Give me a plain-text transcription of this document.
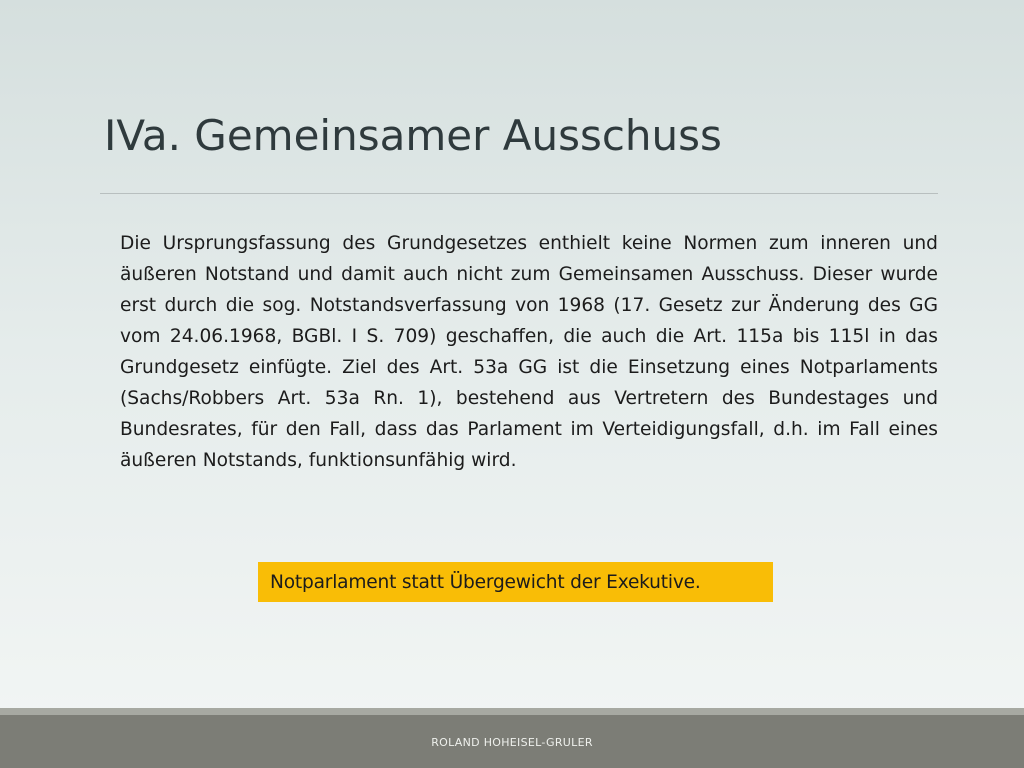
IVa. Gemeinsamer Ausschuss

Die Ursprungsfassung des Grundgesetzes enthielt keine Normen zum inneren und äußeren Notstand und damit auch nicht zum Gemeinsamen Ausschuss. Dieser wurde erst durch die sog. Notstandsverfassung von 1968 (17. Gesetz zur Änderung des GG vom 24.06.1968, BGBl. I S. 709) geschaffen, die auch die Art. 115a bis 115l in das Grundgesetz einfügte. Ziel des Art. 53a GG ist die Einsetzung eines Notparlaments (Sachs/Robbers Art. 53a Rn. 1), bestehend aus Vertretern des Bundestages und Bundesrates, für den Fall, dass das Parlament im Verteidigungsfall, d.h. im Fall eines äußeren Notstands, funktionsunfähig wird.

Notparlament statt Übergewicht der Exekutive.
ROLAND HOHEISEL-GRULER
